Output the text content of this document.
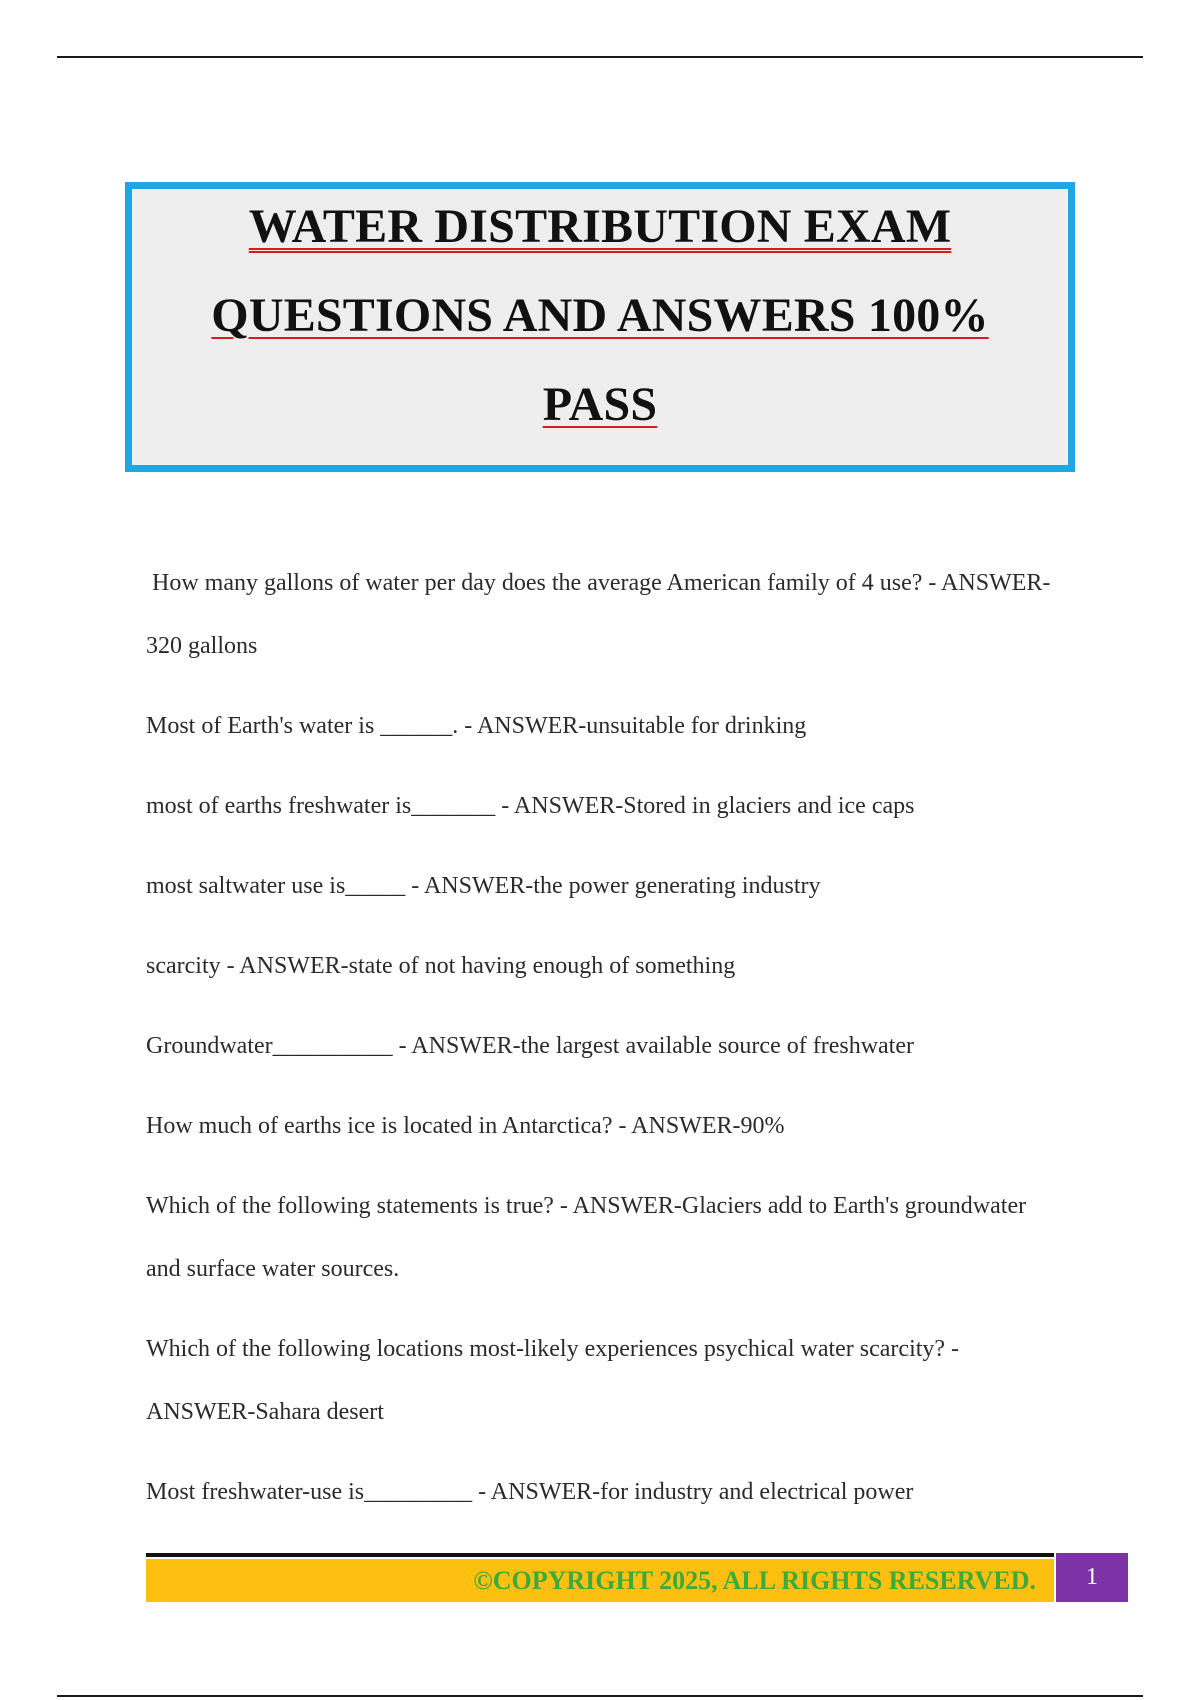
WATER DISTRIBUTION EXAM
QUESTIONS AND ANSWERS 100%
PASS

How many gallons of water per day does the average American family of 4 use? - ANSWER-320 gallons

Most of Earth's water is ______. - ANSWER-unsuitable for drinking

most of earths freshwater is_______ - ANSWER-Stored in glaciers and ice caps

most saltwater use is_____ - ANSWER-the power generating industry

scarcity - ANSWER-state of not having enough of something

Groundwater__________ - ANSWER-the largest available source of freshwater

How much of earths ice is located in Antarctica? - ANSWER-90%

Which of the following statements is true? - ANSWER-Glaciers add to Earth's groundwater and surface water sources.

Which of the following locations most-likely experiences psychical water scarcity? - ANSWER-Sahara desert

Most freshwater-use is_________ - ANSWER-for industry and electrical power

©COPYRIGHT 2025, ALL RIGHTS RESERVED.	1
